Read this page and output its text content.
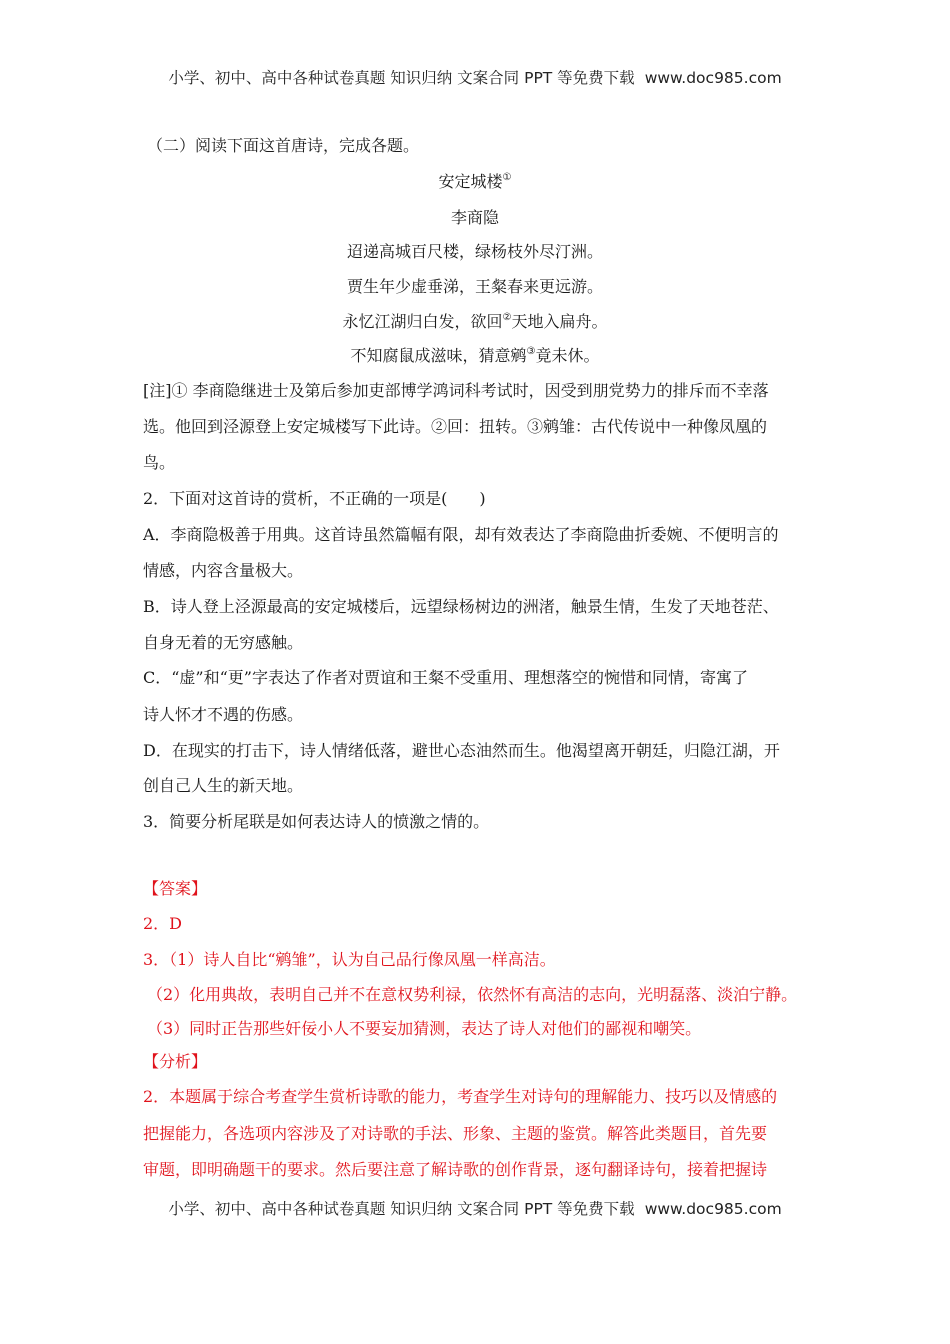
小学、初中、高中各种试卷真题 知识归纳 文案合同 PPT 等免费下载 www.doc985.com
（二）阅读下面这首唐诗，完成各题。
安定城楼①
李商隐
迢递高城百尺楼，绿杨枝外尽汀洲。
贾生年少虚垂涕，王粲春来更远游。
永忆江湖归白发，欲回②天地入扁舟。
不知腐鼠成滋味，猜意鹓③竟未休。
[注]① 李商隐继进士及第后参加吏部博学鸿词科考试时，因受到朋党势力的排斥而不幸落
选。他回到泾源登上安定城楼写下此诗。②回：扭转。③鹓雏：古代传说中一种像凤凰的
鸟。
2．下面对这首诗的赏析，不正确的一项是(　　)
A．李商隐极善于用典。这首诗虽然篇幅有限，却有效表达了李商隐曲折委婉、不便明言的
情感，内容含量极大。
B．诗人登上泾源最高的安定城楼后，远望绿杨树边的洲渚，触景生情，生发了天地苍茫、
自身无着的无穷感触。
C．“虚”和“更”字表达了作者对贾谊和王粲不受重用、理想落空的惋惜和同情，寄寓了
诗人怀才不遇的伤感。
D．在现实的打击下，诗人情绪低落，避世心态油然而生。他渴望离开朝廷，归隐江湖，开
创自己人生的新天地。
3．简要分析尾联是如何表达诗人的愤激之情的。
【答案】
2．D
3．（1）诗人自比“鹓雏”，认为自己品行像凤凰一样高洁。
（2）化用典故，表明自己并不在意权势利禄，依然怀有高洁的志向，光明磊落、淡泊宁静。
（3）同时正告那些奸佞小人不要妄加猜测，表达了诗人对他们的鄙视和嘲笑。
【分析】
2．本题属于综合考查学生赏析诗歌的能力，考查学生对诗句的理解能力、技巧以及情感的
把握能力，各选项内容涉及了对诗歌的手法、形象、主题的鉴赏。解答此类题目，首先要
审题，即明确题干的要求。然后要注意了解诗歌的创作背景，逐句翻译诗句，接着把握诗
小学、初中、高中各种试卷真题 知识归纳 文案合同 PPT 等免费下载 www.doc985.com
